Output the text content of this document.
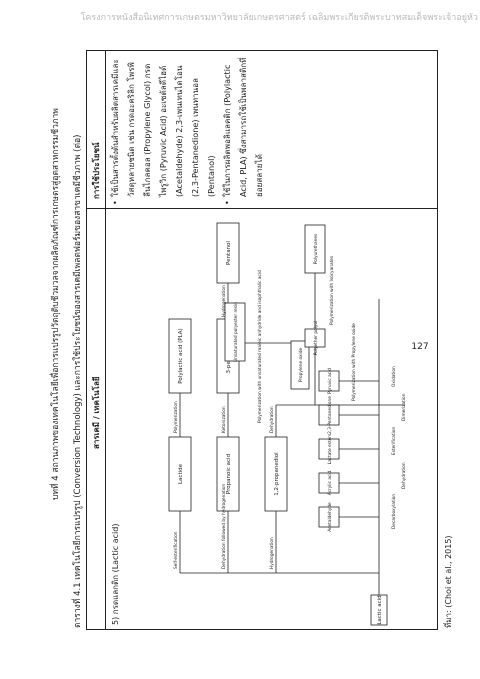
โครงการหนังสือนิเทศการเกษตรมหาวิทยาลัยเกษตรศาสตร์ เฉลิมพระเกียรติพระบาทสมเด็จพระเจ้าอยู่หัว
127
บทที่ 4 สถานภาพของเทคโนโลยีเพื่อการแปรรูปวัตถุดิบชีวมวลจากผลิตภัณฑ์การเกษตรสู่อุตสาหกรรมชีวภาพ	ตารางที่ 4.1 เทคโนโลยีการแปรรูป (Conversion Technology) และการใช้ประโยชน์ของสารเคมีเพลตฟอร์มของสาขาเคมีชีวภาพ (ต่อ) สารเคมี / เทคโนโลยี
การใช้ประโยชน์
5) กรดแลกติก (Lactic acid)	Lactic acid
Lactide	Propanoic acid	1,2-propanediol
Acetaldehyde
Acrylic acid
Lactate esters
2,3-Pentanedione
Pyruvic acid
Polylactic acid (PLA)
Pentanol
Propylene oxide
Unsaturated polyester resin	Polyether polyol
Polyurethanes
Self-esterification	Dehydration followed by hydrogenation	Hydrogenation
Decarboxylation
Dehydration
Esterification
Dimerization
Oxidation
Polymerization	Ketonization
Hydrogenation
Dehydration
Polymerization with unsaturated maleic anhydride and isophthalic acid	Polymerization with Propylene oxide
Polymerization with Isocyanates
• ใช้เป็นสารตั้งต้นสำหรับผลิตสารเคมีและวัสดุหลายชนิด เช่น กรดอะคริลิก โพรพิลีนไกลคอล (Propylene Glycol) กรดไพรูวิก (Pyruvic Acid) อะเซตัลดีไฮด์ (Acetaldehyde) 2,3-เพนเทนไดโอน (2,3-Pentanedione) เพนทานอล (Pentanol)
• ใช้ในการผลิตพอลิแลคติก (Polylactic Acid, PLA) ซึ่งสามารถใช้เป็นพลาสติกที่ย่อยสลายได้
ที่มา: (Choi et al., 2015)
